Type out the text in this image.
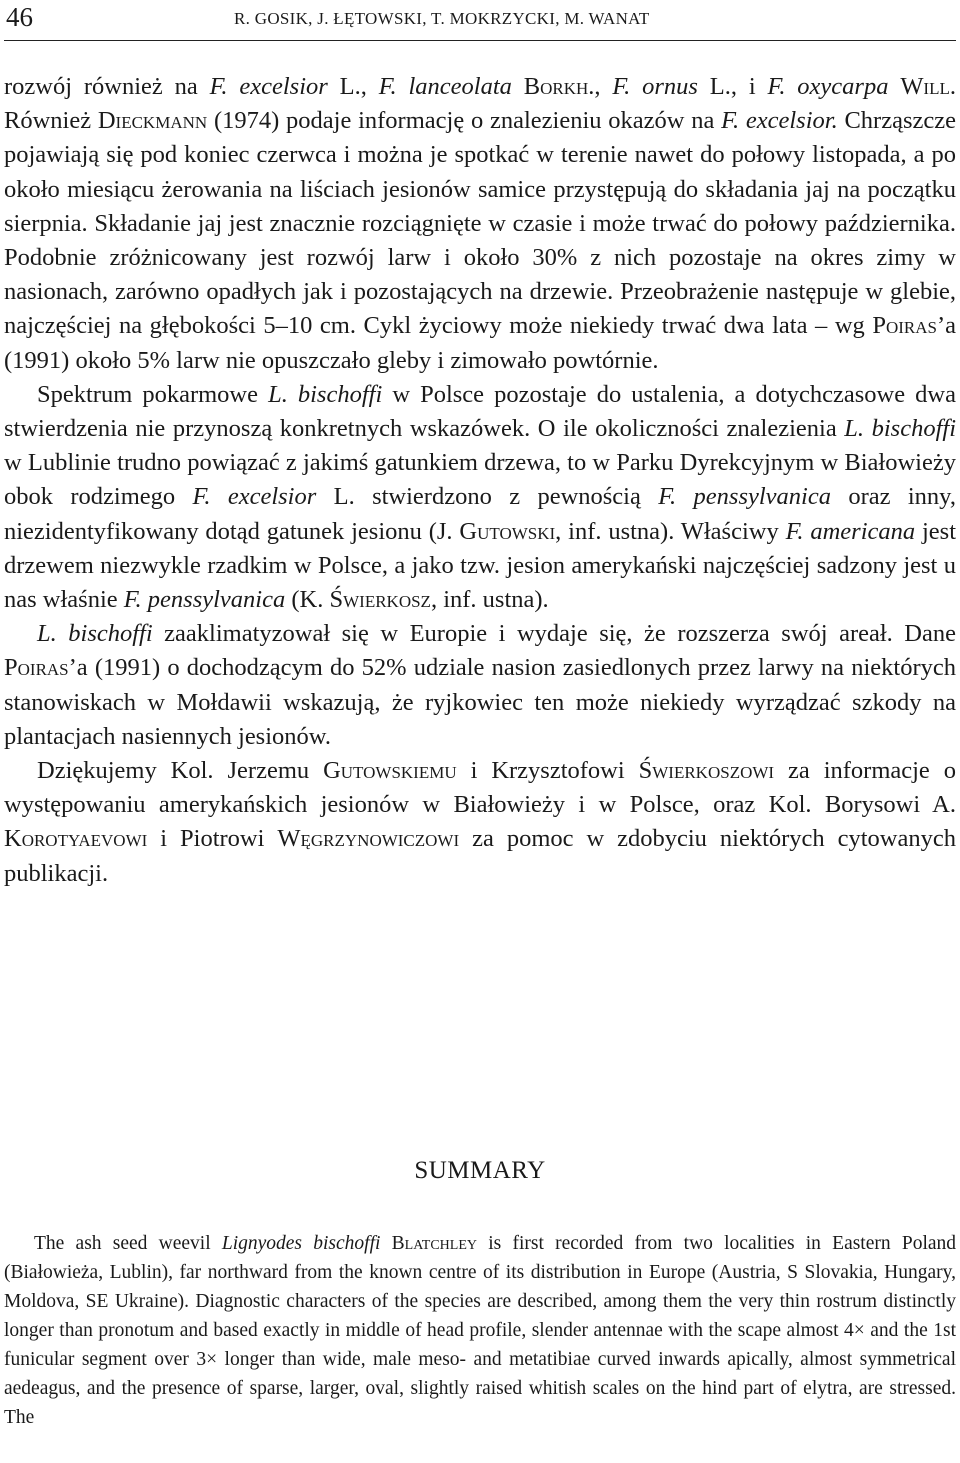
46	R. GOSIK, J. ŁĘTOWSKI, T. MOKRZYCKI, M. WANAT

rozwój również na F. excelsior L., F. lanceolata Borkh., F. ornus L., i F. oxycarpa Will. Również Dieckmann (1974) podaje informację o znalezieniu okazów na F. excelsior. Chrząszcze pojawiają się pod koniec czerwca i można je spotkać w terenie nawet do połowy listopada, a po około miesiącu żerowania na liściach jesionów samice przystępują do składania jaj na początku sierpnia. Składanie jaj jest znacznie rozciągnięte w czasie i może trwać do połowy października. Podobnie zróżnicowany jest rozwój larw i około 30% z nich pozostaje na okres zimy w nasionach, zarówno opadłych jak i pozostających na drzewie. Przeobrażenie następuje w glebie, najczęściej na głębokości 5–10 cm. Cykl życiowy może niekiedy trwać dwa lata – wg Poiras’a (1991) około 5% larw nie opuszczało gleby i zimowało powtórnie.

Spektrum pokarmowe L. bischoffi w Polsce pozostaje do ustalenia, a dotychczasowe dwa stwierdzenia nie przynoszą konkretnych wskazówek. O ile okoliczności znalezienia L. bischoffi w Lublinie trudno powiązać z jakimś gatunkiem drzewa, to w Parku Dyrekcyjnym w Białowieży obok rodzimego F. excelsior L. stwierdzono z pewnością F. penssylvanica oraz inny, niezidentyfikowany dotąd gatunek jesionu (J. Gutowski, inf. ustna). Właściwy F. americana jest drzewem niezwykle rzadkim w Polsce, a jako tzw. jesion amerykański najczęściej sadzony jest u nas właśnie F. penssylvanica (K. Świerkosz, inf. ustna).

L. bischoffi zaaklimatyzował się w Europie i wydaje się, że rozszerza swój areał. Dane Poiras’a (1991) o dochodzącym do 52% udziale nasion zasiedlonych przez larwy na niektórych stanowiskach w Mołdawii wskazują, że ryjkowiec ten może niekiedy wyrządzać szkody na plantacjach nasiennych jesionów.

Dziękujemy Kol. Jerzemu Gutowskiemu i Krzysztofowi Świerkoszowi za informacje o występowaniu amerykańskich jesionów w Białowieży i w Polsce, oraz Kol. Borysowi A. Korotyaevowi i Piotrowi Węgrzynowiczowi za pomoc w zdobyciu niektórych cytowanych publikacji.

SUMMARY

The ash seed weevil Lignyodes bischoffi Blatchley is first recorded from two localities in Eastern Poland (Białowieża, Lublin), far northward from the known centre of its distribution in Europe (Austria, S Slovakia, Hungary, Moldova, SE Ukraine). Diagnostic characters of the species are described, among them the very thin rostrum distinctly longer than pronotum and based exactly in middle of head profile, slender antennae with the scape almost 4× and the 1st funicular segment over 3× longer than wide, male meso- and metatibiae curved inwards apically, almost symmetrical aedeagus, and the presence of sparse, larger, oval, slightly raised whitish scales on the hind part of elytra, are stressed. The
